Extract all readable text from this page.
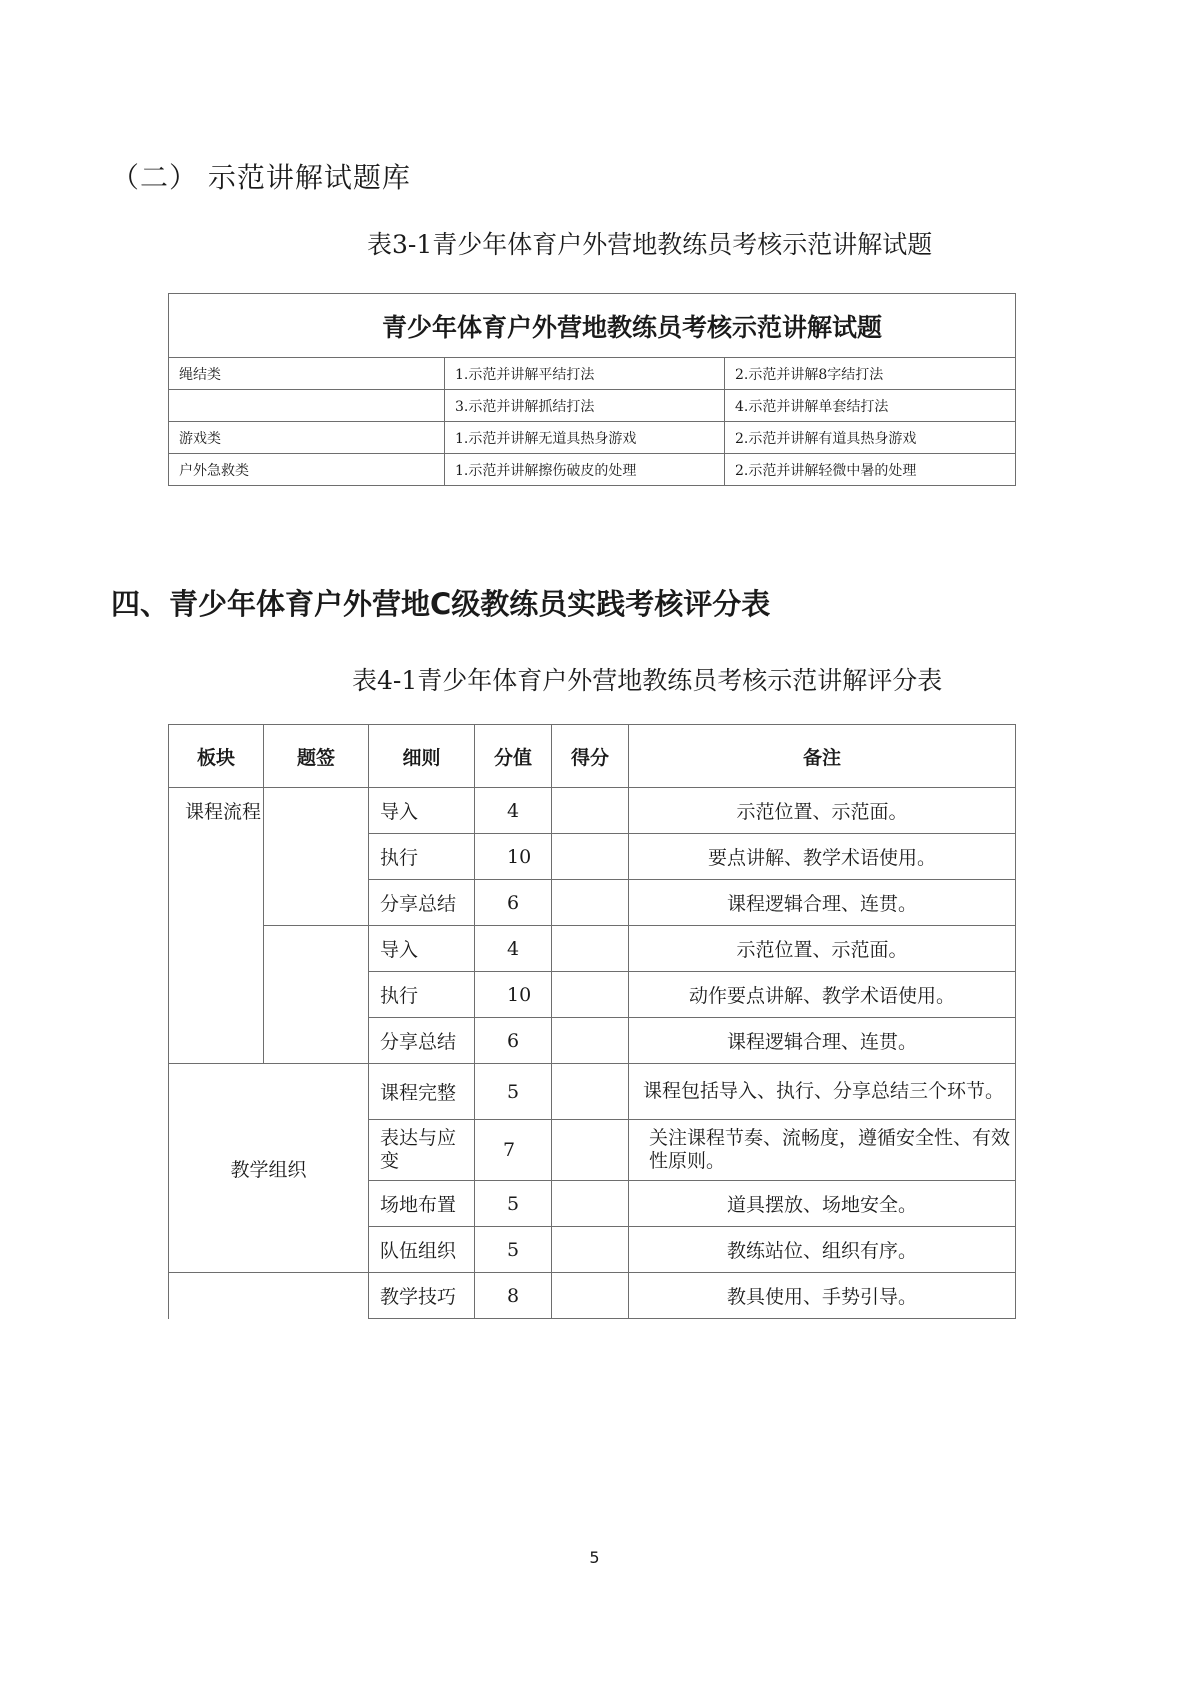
（二） 示范讲解试题库
表3-1青少年体育户外营地教练员考核示范讲解试题
青少年体育户外营地教练员考核示范讲解试题		
绳结类	1.示范并讲解平结打法	2.示范并讲解8字结打法
	3.示范并讲解抓结打法	4.示范并讲解单套结打法
游戏类	1.示范并讲解无道具热身游戏	2.示范并讲解有道具热身游戏
户外急救类	1.示范并讲解擦伤破皮的处理	2.示范并讲解轻微中暑的处理
四、青少年体育户外营地C级教练员实践考核评分表
表4-1青少年体育户外营地教练员考核示范讲解评分表
板块	题签	细则	分值	得分	备注
课程流程		导入	4		示范位置、示范面。
		执行	10		要点讲解、教学术语使用。
		分享总结	6		课程逻辑合理、连贯。
		导入	4		示范位置、示范面。
		执行	10		动作要点讲解、教学术语使用。
		分享总结	6		课程逻辑合理、连贯。
教学组织		课程完整	5		课程包括导入、执行、分享总结三个环节。
		表达与应变	7		关注课程节奏、流畅度，遵循安全性、有效性原则。
		场地布置	5		道具摆放、场地安全。
		队伍组织	5		教练站位、组织有序。
		教学技巧	8		教具使用、手势引导。
5
